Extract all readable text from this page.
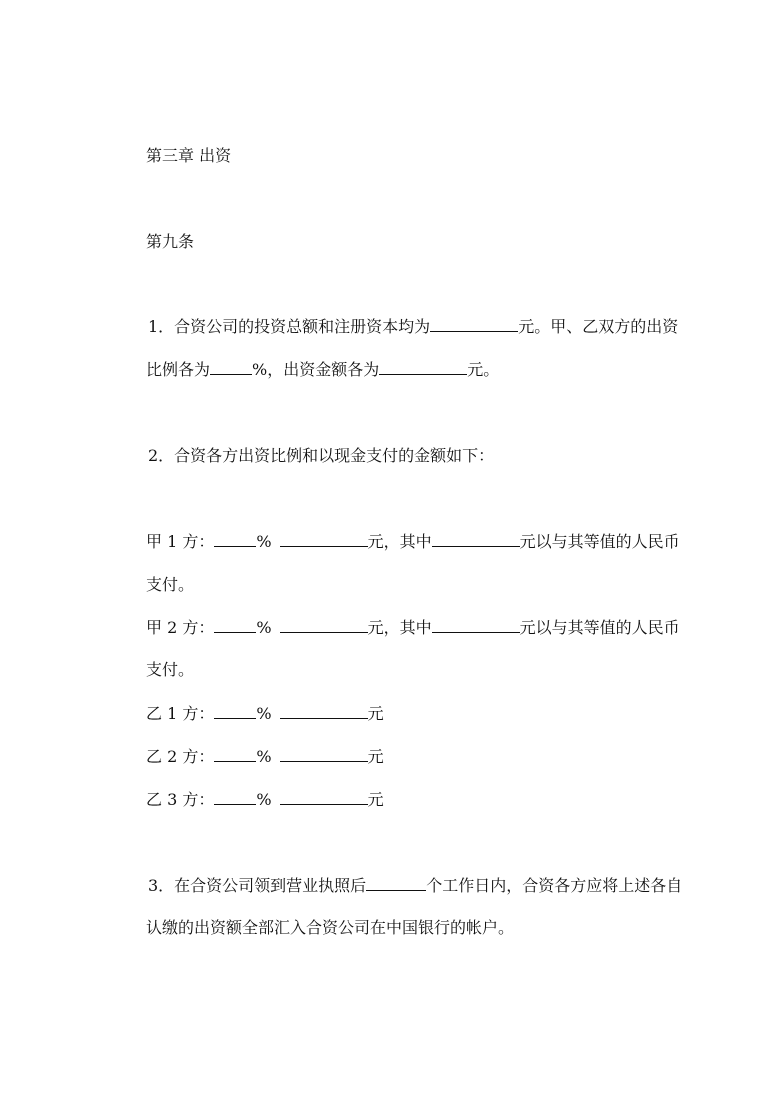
第三章 出资
第九条
1．合资公司的投资总额和注册资本均为	元。甲、乙双方的出资
比例各为	%，出资金额各为	元。
2．合资各方出资比例和以现金支付的金额如下：
甲 1 方：	%	元，其中	元以与其等值的人民币
支付。
甲 2 方：	%	元，其中	元以与其等值的人民币
支付。
乙 1 方：	%	元
乙 2 方：	%	元
乙 3 方：	%	元
3．在合资公司领到营业执照后	个工作日内，合资各方应将上述各自
认缴的出资额全部汇入合资公司在中国银行的帐户。
